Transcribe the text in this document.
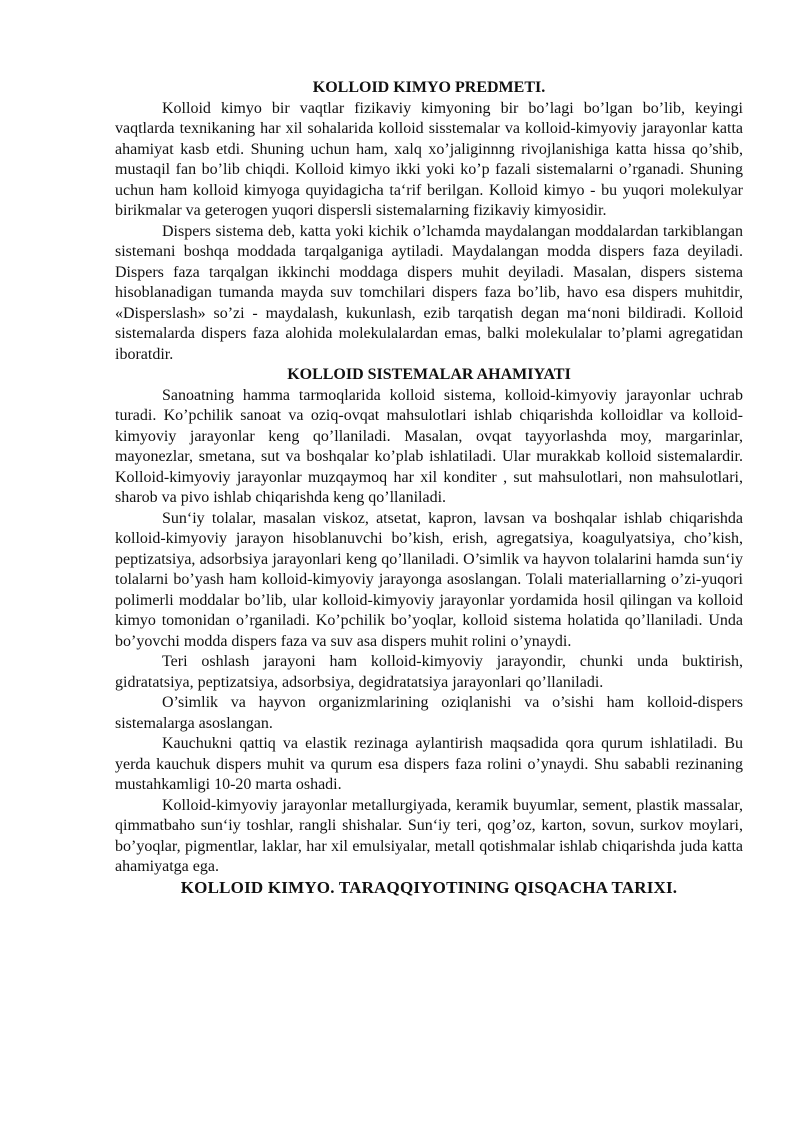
KOLLOID KIMYO PREDMETI.

Kolloid kimyo bir vaqtlar fizikaviy kimyoning bir bo’lagi bo’lgan bo’lib, keyingi vaqtlarda texnikaning har xil sohalarida kolloid sisstemalar va kolloid-kimyoviy jarayonlar katta ahamiyat kasb etdi. Shuning uchun ham, xalq xo’jaliginnng rivojlanishiga katta hissa qo’shib, mustaqil fan bo’lib chiqdi. Kolloid kimyo ikki yoki ko’p fazali sistemalarni o’rganadi. Shuning uchun ham kolloid kimyoga quyidagicha ta‘rif berilgan. Kolloid kimyo - bu yuqori molekulyar birikmalar va geterogen yuqori dispersli sistemalarning fizikaviy kimyosidir.

Dispers sistema deb, katta yoki kichik o’lchamda maydalangan moddalardan tarkiblangan sistemani boshqa moddada tarqalganiga aytiladi. Maydalangan modda dispers faza deyiladi. Dispers faza tarqalgan ikkinchi moddaga dispers muhit deyiladi. Masalan, dispers sistema hisoblanadigan tumanda mayda suv tomchilari dispers faza bo’lib, havo esa dispers muhitdir, «Disperslash» so’zi - maydalash, kukunlash, ezib tarqatish degan ma‘noni bildiradi. Kolloid sistemalarda dispers faza alohida molekulalardan emas, balki molekulalar to’plami agregatidan iboratdir.

KOLLOID SISTEMALAR AHAMIYATI

Sanoatning hamma tarmoqlarida kolloid sistema, kolloid-kimyoviy jarayonlar uchrab turadi. Ko’pchilik sanoat va oziq-ovqat mahsulotlari ishlab chiqarishda kolloidlar va kolloid-kimyoviy jarayonlar keng qo’llaniladi. Masalan, ovqat tayyorlashda moy, margarinlar, mayonezlar, smetana, sut va boshqalar ko’plab ishlatiladi. Ular murakkab kolloid sistemalardir. Kolloid-kimyoviy jarayonlar muzqaymoq har xil konditer , sut mahsulotlari, non mahsulotlari, sharob va pivo ishlab chiqarishda keng qo’llaniladi.

Sun‘iy tolalar, masalan viskoz, atsetat, kapron, lavsan va boshqalar ishlab chiqarishda kolloid-kimyoviy jarayon hisoblanuvchi bo’kish, erish, agregatsiya, koagulyatsiya, cho’kish, peptizatsiya, adsorbsiya jarayonlari keng qo’llaniladi. O’simlik va hayvon tolalarini hamda sun‘iy tolalarni bo’yash ham kolloid-kimyoviy jarayonga asoslangan. Tolali materiallarning o’zi-yuqori polimerli moddalar bo’lib, ular kolloid-kimyoviy jarayonlar yordamida hosil qilingan va kolloid kimyo tomonidan o’rganiladi. Ko’pchilik bo’yoqlar, kolloid sistema holatida qo’llaniladi. Unda bo’yovchi modda dispers faza va suv asa dispers muhit rolini o’ynaydi.

Teri oshlash jarayoni ham kolloid-kimyoviy jarayondir, chunki unda buktirish, gidratatsiya, peptizatsiya, adsorbsiya, degidratatsiya jarayonlari qo’llaniladi.

O’simlik va hayvon organizmlarining oziqlanishi va o’sishi ham kolloid-dispers sistemalarga asoslangan.

Kauchukni qattiq va elastik rezinaga aylantirish maqsadida qora qurum ishlatiladi. Bu yerda kauchuk dispers muhit va qurum esa dispers faza rolini o’ynaydi. Shu sababli rezinaning mustahkamligi 10-20 marta oshadi.

Kolloid-kimyoviy jarayonlar metallurgiyada, keramik buyumlar, sement, plastik massalar, qimmatbaho sun‘iy toshlar, rangli shishalar. Sun‘iy teri, qog’oz, karton, sovun, surkov moylari, bo’yoqlar, pigmentlar, laklar, har xil emulsiyalar, metall qotishmalar ishlab chiqarishda juda katta ahamiyatga ega.

KOLLOID KIMYO. TARAQQIYOTINING QISQACHA TARIXI.
